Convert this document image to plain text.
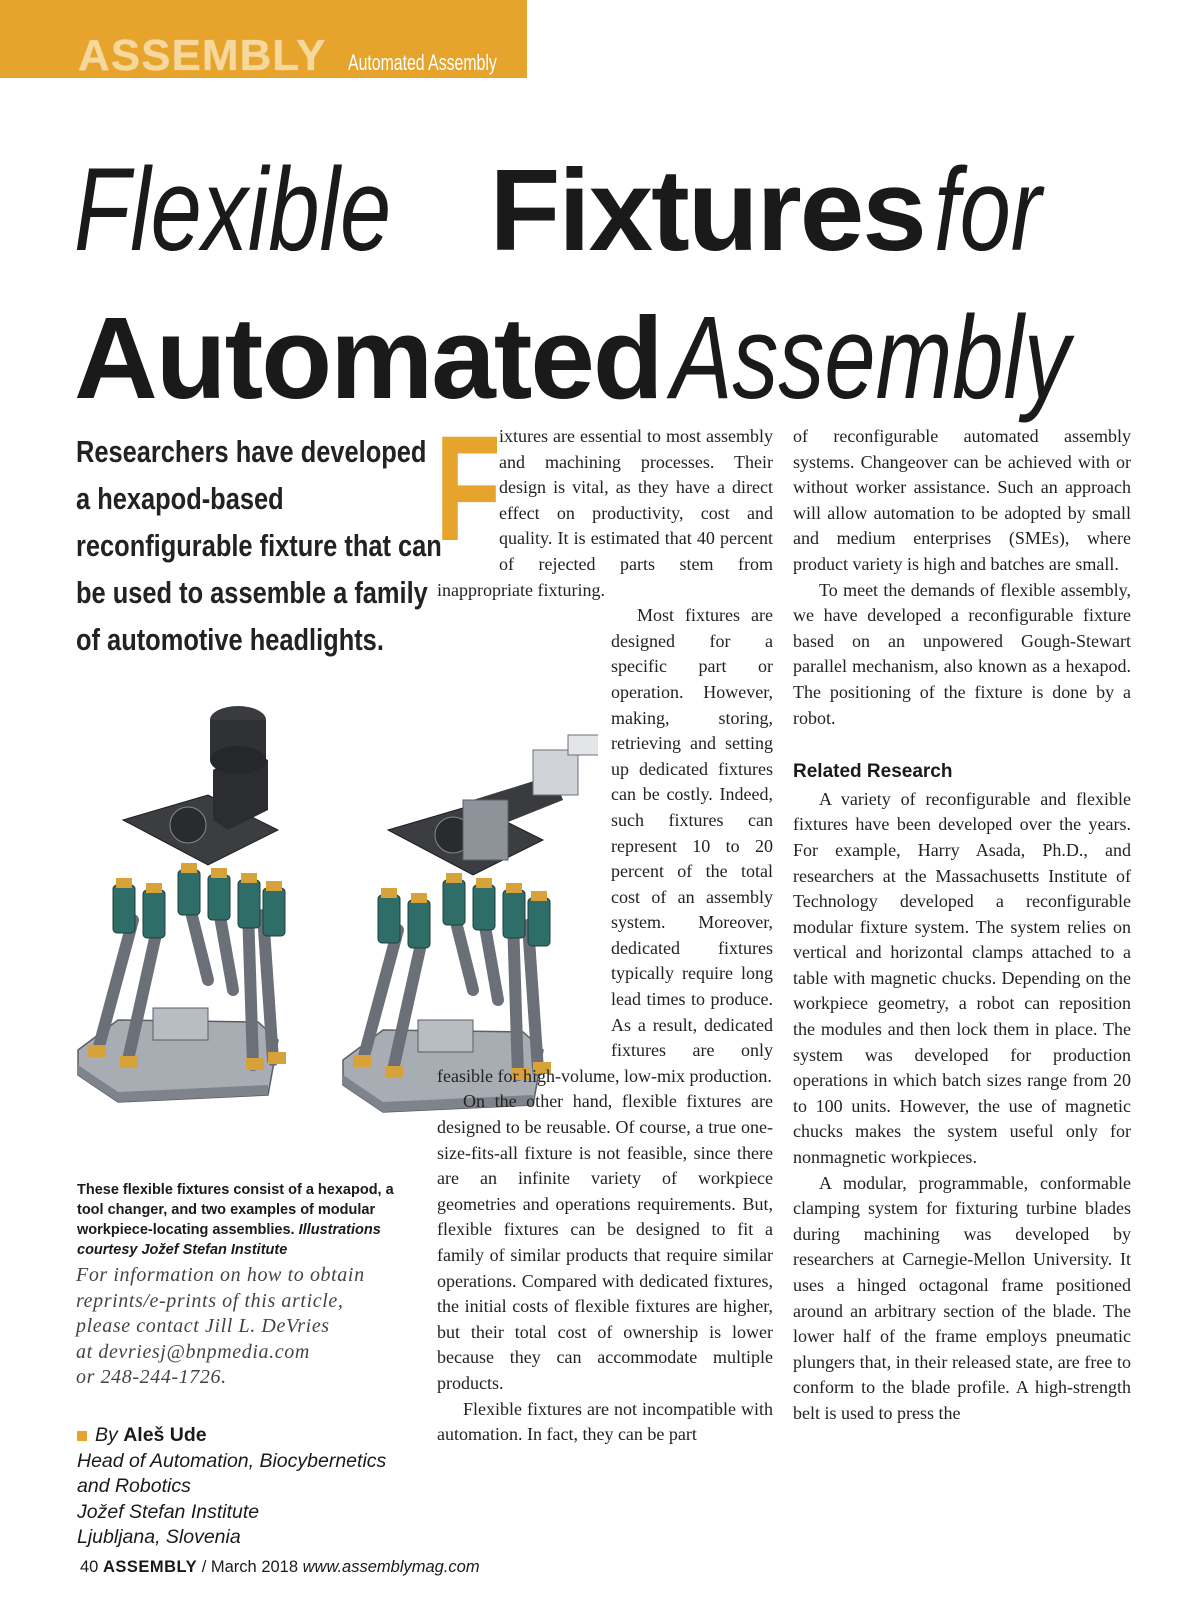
ASSEMBLY Automated Assembly
Flexible Fixtures for
Automated Assembly
Researchers have developed a hexapod-based reconfigurable fixture that can be used to assemble a family of automotive headlights.

These flexible fixtures consist of a hexapod, a tool changer, and two examples of modular workpiece-locating assemblies. Illustrations courtesy Jožef Stefan Institute

For information on how to obtain
reprints/e-prints of this article,
please contact Jill L. DeVries
at devriesj@bnpmedia.com
or 248-244-1726.
By Aleš Ude
Head of Automation, Biocybernetics
and Robotics
Jožef Stefan Institute
Ljubljana, Slovenia
F

ixtures are essential to most assembly and machining processes. Their design is vital, as they have a direct effect on productivity, cost and quality. It is estimated that 40 percent of rejected parts stem from inappropriate fixturing.

Most fixtures are designed for a specific part or operation. However, making, storing, retrieving and setting up dedicated fixtures can be costly. Indeed, such fixtures can represent 10 to 20 percent of the total cost of an assembly system. Moreover, dedicated fixtures typically require long lead times to produce. As a result, dedicated fixtures are only feasible for high-volume, low-mix production.

On the other hand, flexible fixtures are designed to be reusable. Of course, a true one-size-fits-all fixture is not feasible, since there are an infinite variety of workpiece geometries and operations requirements. But, flexible fixtures can be designed to fit a family of similar products that require similar operations. Compared with dedicated fixtures, the initial costs of flexible fixtures are higher, but their total cost of ownership is lower because they can accommodate multiple products.

Flexible fixtures are not incompatible with automation. In fact, they can be part

of reconfigurable automated assembly systems. Changeover can be achieved with or without worker assistance. Such an approach will allow automation to be adopted by small and medium enterprises (SMEs), where product variety is high and batches are small.

To meet the demands of flexible assembly, we have developed a reconfigurable fixture based on an unpowered Gough-Stewart parallel mechanism, also known as a hexapod. The positioning of the fixture is done by a robot.

Related Research

A variety of reconfigurable and flexible fixtures have been developed over the years. For example, Harry Asada, Ph.D., and researchers at the Massachusetts Institute of Technology developed a reconfigurable modular fixture system. The system relies on vertical and horizontal clamps attached to a table with magnetic chucks. Depending on the workpiece geometry, a robot can reposition the modules and then lock them in place. The system was developed for production operations in which batch sizes range from 20 to 100 units. However, the use of magnetic chucks makes the system useful only for nonmagnetic workpieces.

A modular, programmable, conformable clamping system for fixturing turbine blades during machining was developed by researchers at Carnegie-Mellon University. It uses a hinged octagonal frame positioned around an arbitrary section of the blade. The lower half of the frame employs pneumatic plungers that, in their released state, are free to conform to the blade profile. A high-strength belt is used to press the

40 ASSEMBLY / March 2018 www.assemblymag.com
